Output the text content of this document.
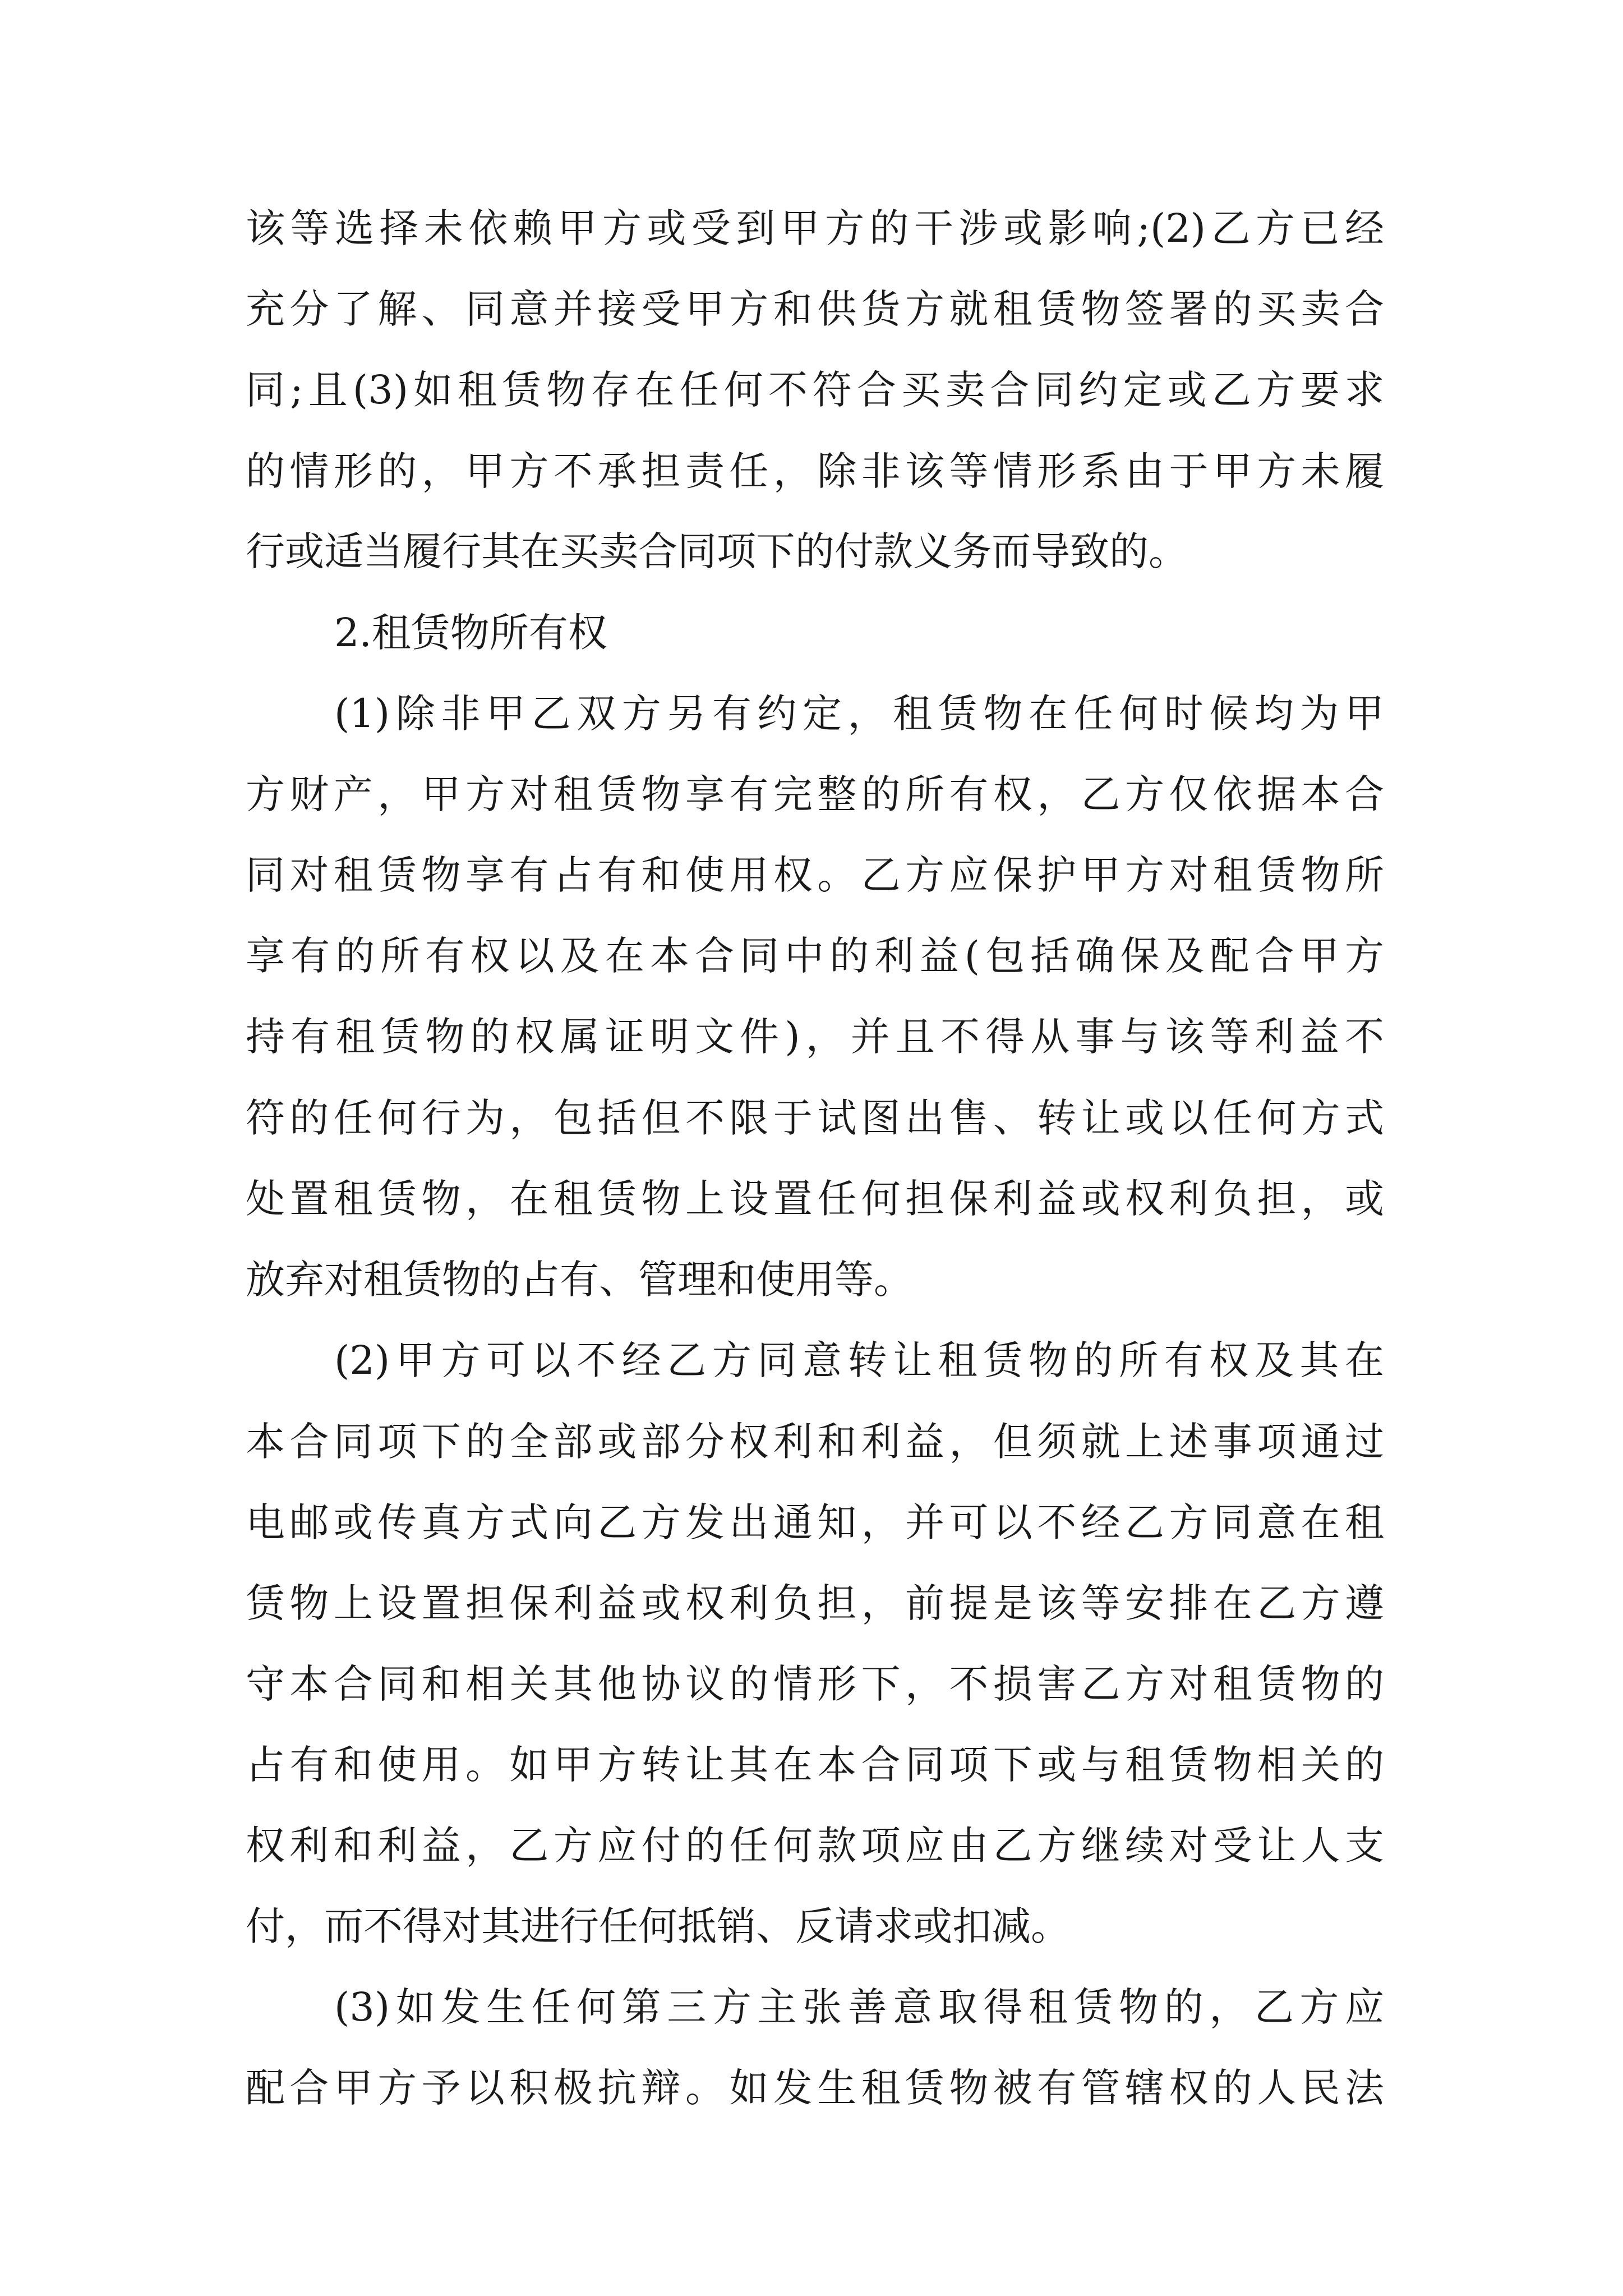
该等选择未依赖甲方或受到甲方的干涉或影响;(2)乙方已经
充分了解、同意并接受甲方和供货方就租赁物签署的买卖合
同;且(3)如租赁物存在任何不符合买卖合同约定或乙方要求
的情形的，甲方不承担责任，除非该等情形系由于甲方未履
行或适当履行其在买卖合同项下的付款义务而导致的。
2.租赁物所有权
(1)除非甲乙双方另有约定，租赁物在任何时候均为甲
方财产，甲方对租赁物享有完整的所有权，乙方仅依据本合
同对租赁物享有占有和使用权。乙方应保护甲方对租赁物所
享有的所有权以及在本合同中的利益(包括确保及配合甲方
持有租赁物的权属证明文件)，并且不得从事与该等利益不
符的任何行为，包括但不限于试图出售、转让或以任何方式
处置租赁物，在租赁物上设置任何担保利益或权利负担，或
放弃对租赁物的占有、管理和使用等。
(2)甲方可以不经乙方同意转让租赁物的所有权及其在
本合同项下的全部或部分权利和利益，但须就上述事项通过
电邮或传真方式向乙方发出通知，并可以不经乙方同意在租
赁物上设置担保利益或权利负担，前提是该等安排在乙方遵
守本合同和相关其他协议的情形下，不损害乙方对租赁物的
占有和使用。如甲方转让其在本合同项下或与租赁物相关的
权利和利益，乙方应付的任何款项应由乙方继续对受让人支
付，而不得对其进行任何抵销、反请求或扣减。
(3)如发生任何第三方主张善意取得租赁物的，乙方应
配合甲方予以积极抗辩。如发生租赁物被有管辖权的人民法
